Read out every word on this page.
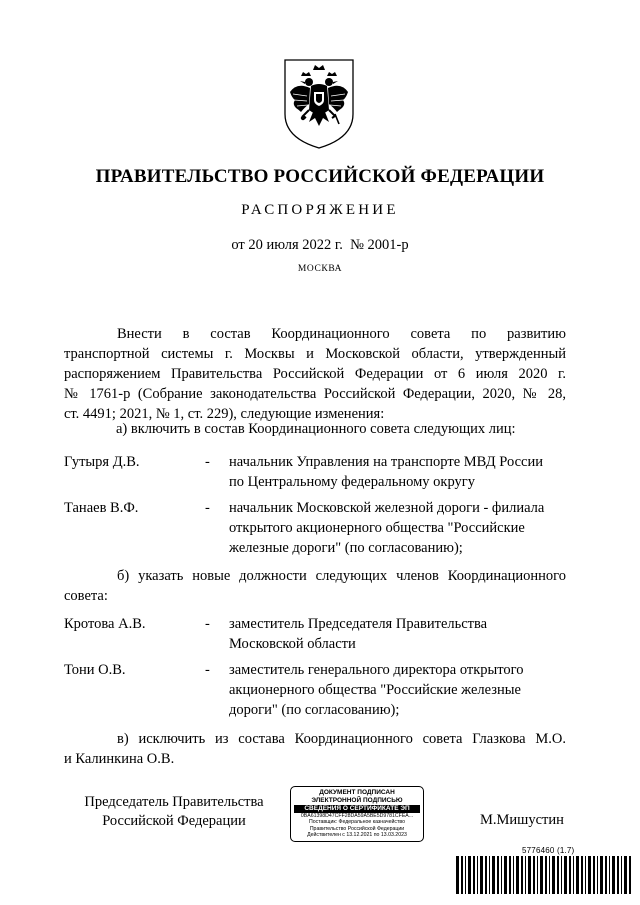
ПРАВИТЕЛЬСТВО РОССИЙСКОЙ ФЕДЕРАЦИИ
РАСПОРЯЖЕНИЕ
от 20 июля 2022 г. № 2001-р
МОСКВА
Внести в состав Координационного совета по развитию
транспортной системы г. Москвы и Московской области, утвержденный
распоряжением Правительства Российской Федерации от 6 июля 2020 г.
№ 1761-р (Собрание законодательства Российской Федерации, 2020, № 28,
ст. 4491; 2021, № 1, ст. 229), следующие изменения:
а) включить в состав Координационного совета следующих лиц:
Гутыря Д.В.	- начальник Управления на транспорте МВД России
по Центральному федеральному округу
Танаев В.Ф.	- начальник Московской железной дороги - филиала
открытого акционерного общества "Российские
железные дороги" (по согласованию);
б) указать новые должности следующих членов Координационного
совета:
Кротова А.В.	- заместитель Председателя Правительства
Московской области
Тони О.В.	- заместитель генерального директора открытого
акционерного общества "Российские железные
дороги" (по согласованию);
в) исключить из состава Координационного совета Глазкова М.О.
и Калинкина О.В.
Председатель Правительства
Российской Федерации
ДОКУМЕНТ ПОДПИСАН
ЭЛЕКТРОННОЙ ПОДПИСЬЮ
СВЕДЕНИЯ О СЕРТИФИКАТЕ ЭП
0BA61398D47CFF28DA59A5BE5D9781CFEA...
Поставщик: Федеральное казначейство
Правительство Российской Федерации
Действителен с 13.12.2021 по 13.03.2023
М.Мишустин
5776460 (1.7)
